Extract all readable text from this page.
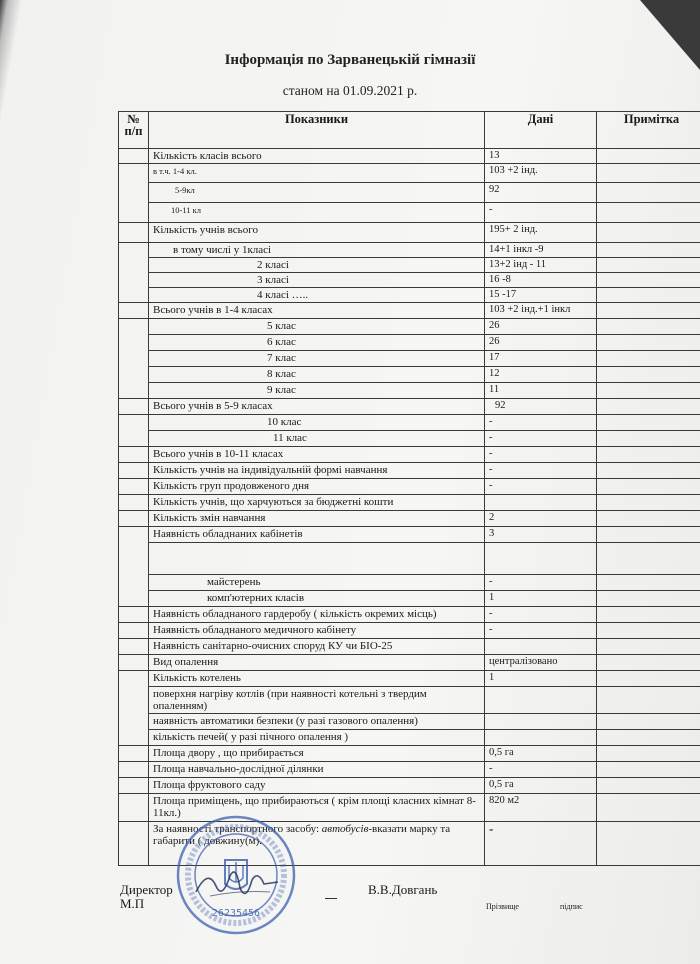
Інформація по Зарванецькій гімназії
станом на 01.09.2021 р.
№ п/п	Показники	Дані	Примітка
	Кількість класів всього	13	
	в т.ч. 1-4 кл.	103 +2 інд.	
	5-9кл	92	
	10-11 кл	-	
	Кількість учнів всього	195+ 2 інд.	
	в тому числі у 1класі	14+1 інкл -9	
	2 класі	13+2 інд - 11	
	3 класі	16 -8	
	4 класі …..	15 -17	
	Всього учнів в 1-4 класах	103 +2 інд.+1 інкл	
	5 клас	26	
	6 клас	26	
	7 клас	17	
	8 клас	12	
	9 клас	11	
	Всього учнів в 5-9 класах	92	
	10 клас	-	
	11 клас	-	
	Всього учнів в 10-11 класах	-	
	Кількість учнів на індивідуальній формі навчання	-	
	Кількість груп продовженого дня	-	
	Кількість учнів, що харчуються за бюджетні кошти		
	Кількість змін навчання	2	
	Наявність обладнаних кабінетів	3	

	майстерень	-	
	комп'ютерних класів	1	
	Наявність обладнаного гардеробу ( кількість окремих місць)	-	
	Наявність обладнаного медичного кабінету	-	
	Наявність санітарно-очисних споруд КУ чи БІО-25		
	Вид опалення	централізовано	
	Кількість котелень	1	
	поверхня нагріву котлів (при наявності котельні з твердим опаленням)		
	наявність автоматики безпеки (у разі газового опалення)		
	кількість печей( у разі пічного опалення )		
	Площа двору , що прибирається	0,5 га	
	Площа навчально-дослідної ділянки	-	
	Площа фруктового саду	0,5 га	
	Площа приміщень, що прибираються ( крім площі класних кімнат 8-11кл.)	820 м2	
	За наявності транспортного засобу: автобусів-вказати марку та габарити ( довжину(м).	-	
26235456
Директор
М.П
В.В.Довгань
Прізвище	підпис
